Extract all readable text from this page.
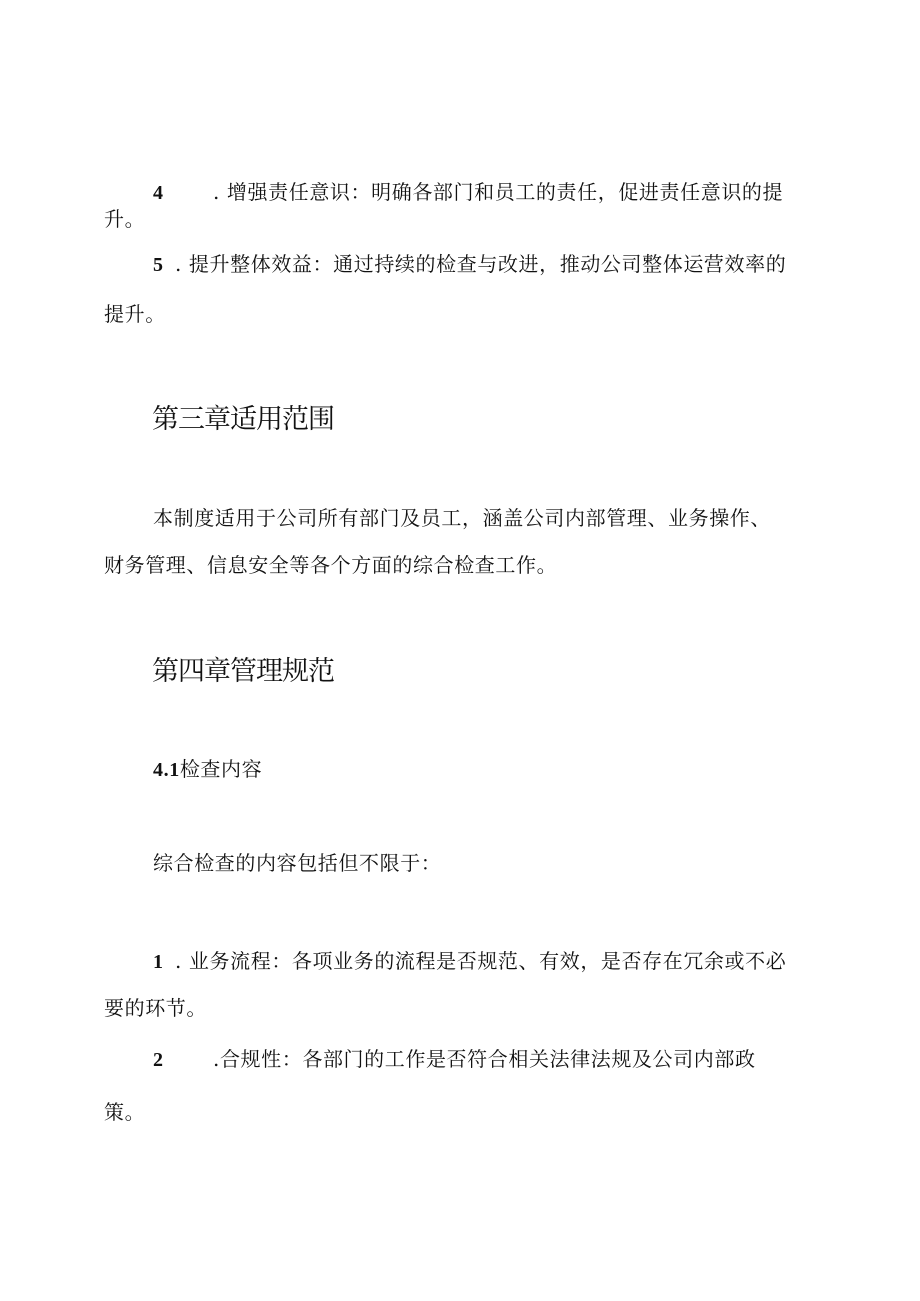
4 . 增强责任意识：明确各部门和员工的责任，促进责任意识的提
升。
5 . 提升整体效益：通过持续的检查与改进，推动公司整体运营效率的
提升。
第三章适用范围
本制度适用于公司所有部门及员工，涵盖公司内部管理、业务操作、
财务管理、信息安全等各个方面的综合检查工作。
第四章管理规范
4.1检查内容
综合检查的内容包括但不限于：
1 . 业务流程：各项业务的流程是否规范、有效，是否存在冗余或不必
要的环节。
2 .合规性：各部门的工作是否符合相关法律法规及公司内部政
策。
